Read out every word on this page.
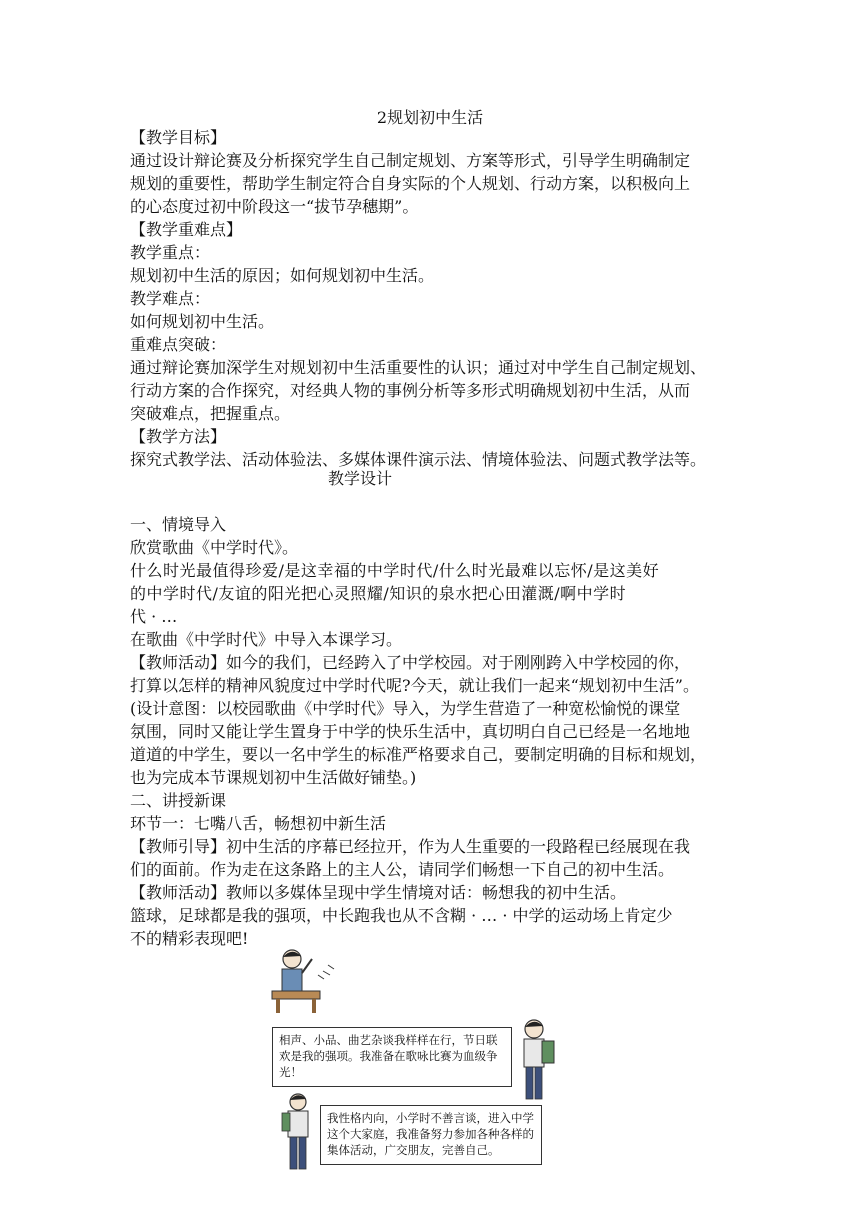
2规划初中生活
【教学目标】
通过设计辩论赛及分析探究学生自己制定规划、方案等形式，引导学生明确制定
规划的重要性，帮助学生制定符合自身实际的个人规划、行动方案，以积极向上
的心态度过初中阶段这一“拔节孕穗期”。
【教学重难点】
教学重点：
规划初中生活的原因；如何规划初中生活。
教学难点：
如何规划初中生活。
重难点突破：
通过辩论赛加深学生对规划初中生活重要性的认识；通过对中学生自己制定规划、
行动方案的合作探究，对经典人物的事例分析等多形式明确规划初中生活，从而
突破难点，把握重点。
【教学方法】
探究式教学法、活动体验法、多媒体课件演示法、情境体验法、问题式教学法等。
教学设计
一、情境导入
欣赏歌曲《中学时代》。
什么时光最值得珍爱/是这幸福的中学时代/什么时光最难以忘怀/是这美好
的中学时代/友谊的阳光把心灵照耀/知识的泉水把心田灌溉/啊中学时
代 · …
在歌曲《中学时代》中导入本课学习。
【教师活动】如今的我们，已经跨入了中学校园。对于刚刚跨入中学校园的你，
打算以怎样的精神风貌度过中学时代呢?今天，就让我们一起来“规划初中生活”。
(设计意图：以校园歌曲《中学时代》导入，为学生营造了一种宽松愉悦的课堂
氛围，同时又能让学生置身于中学的快乐生活中，真切明白自己已经是一名地地
道道的中学生，要以一名中学生的标准严格要求自己，要制定明确的目标和规划，
也为完成本节课规划初中生活做好铺垫。)
二、讲授新课
环节一：七嘴八舌，畅想初中新生活
【教师引导】初中生活的序幕已经拉开，作为人生重要的一段路程已经展现在我
们的面前。作为走在这条路上的主人公，请同学们畅想一下自己的初中生活。
【教师活动】教师以多媒体呈现中学生情境对话：畅想我的初中生活。
篮球，足球都是我的强项，中长跑我也从不含糊 · … · 中学的运动场上肯定少
不的精彩表现吧!
相声、小品、曲艺杂谈我样样在行，节日联欢是我的强项。我准备在歌咏比赛为血级争光！
我性格内向，小学时不善言谈，进入中学这个大家庭，我准备努力参加各种各样的集体活动，广交朋友，完善自己。
